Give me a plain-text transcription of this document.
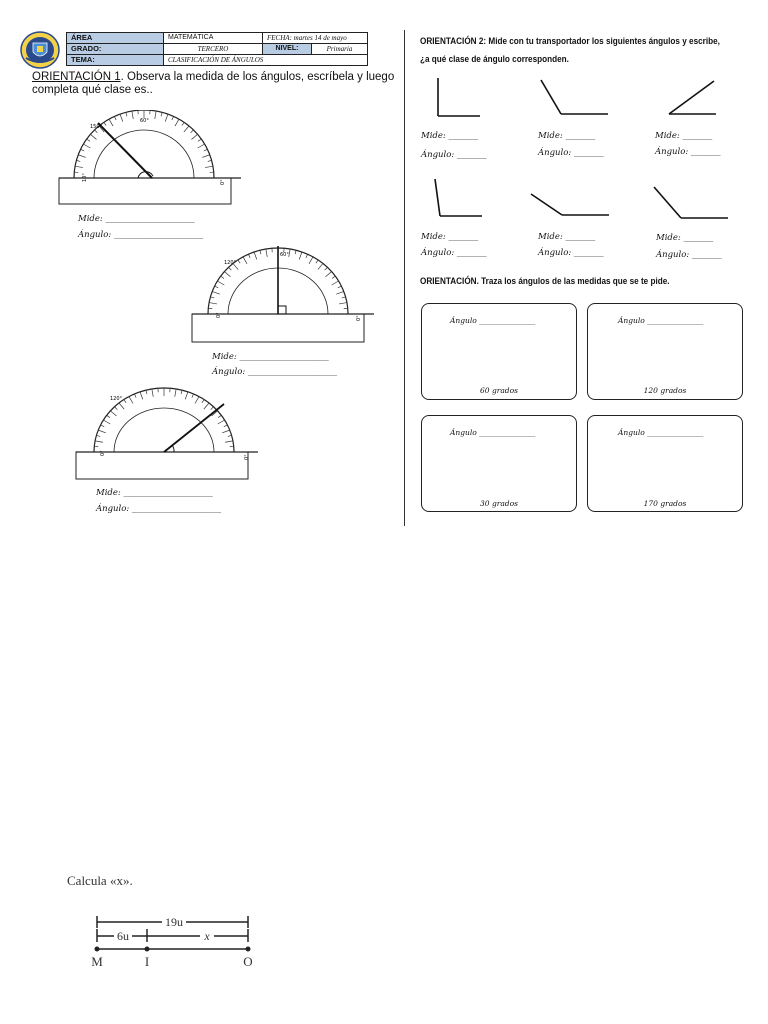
ÁREA	MATEMÁTICA	FECHA: martes 14 de mayo	
GRADO:	TERCERO	NIVEL:	Primaria
TEMA:	CLASIFICACIÓN DE ÁNGULOS		
ORIENTACIÓN 1. Observa la medida de los ángulos, escríbela y luego completa qué clase es..
150°
60°
10°
0°
Mide: _____________________
Ángulo: _____________________
120°
60°
0°
0°
Mide: _____________________
Ángulo: _____________________
120°
0°
0°
Mide: _____________________
Ángulo: _____________________
ORIENTACIÓN 2: Mide con tu transportador los siguientes ángulos y escribe, ¿a qué clase de ángulo corresponden.
Mide: _______
Ángulo: _______
Mide: _______
Ángulo: _______
Mide: _______
Ángulo: _______
Mide: _______
Ángulo: _______
Mide: _______
Ángulo: _______
Mide: _______
Ángulo: _______
ORIENTACIÓN. Traza los ángulos de las medidas que se te pide.
Ángulo _______________
60 grados
Ángulo _______________
120 grados
Ángulo _______________
30 grados
Ángulo _______________
170 grados
Calcula «x».
19u
6u	x
M	I	O
